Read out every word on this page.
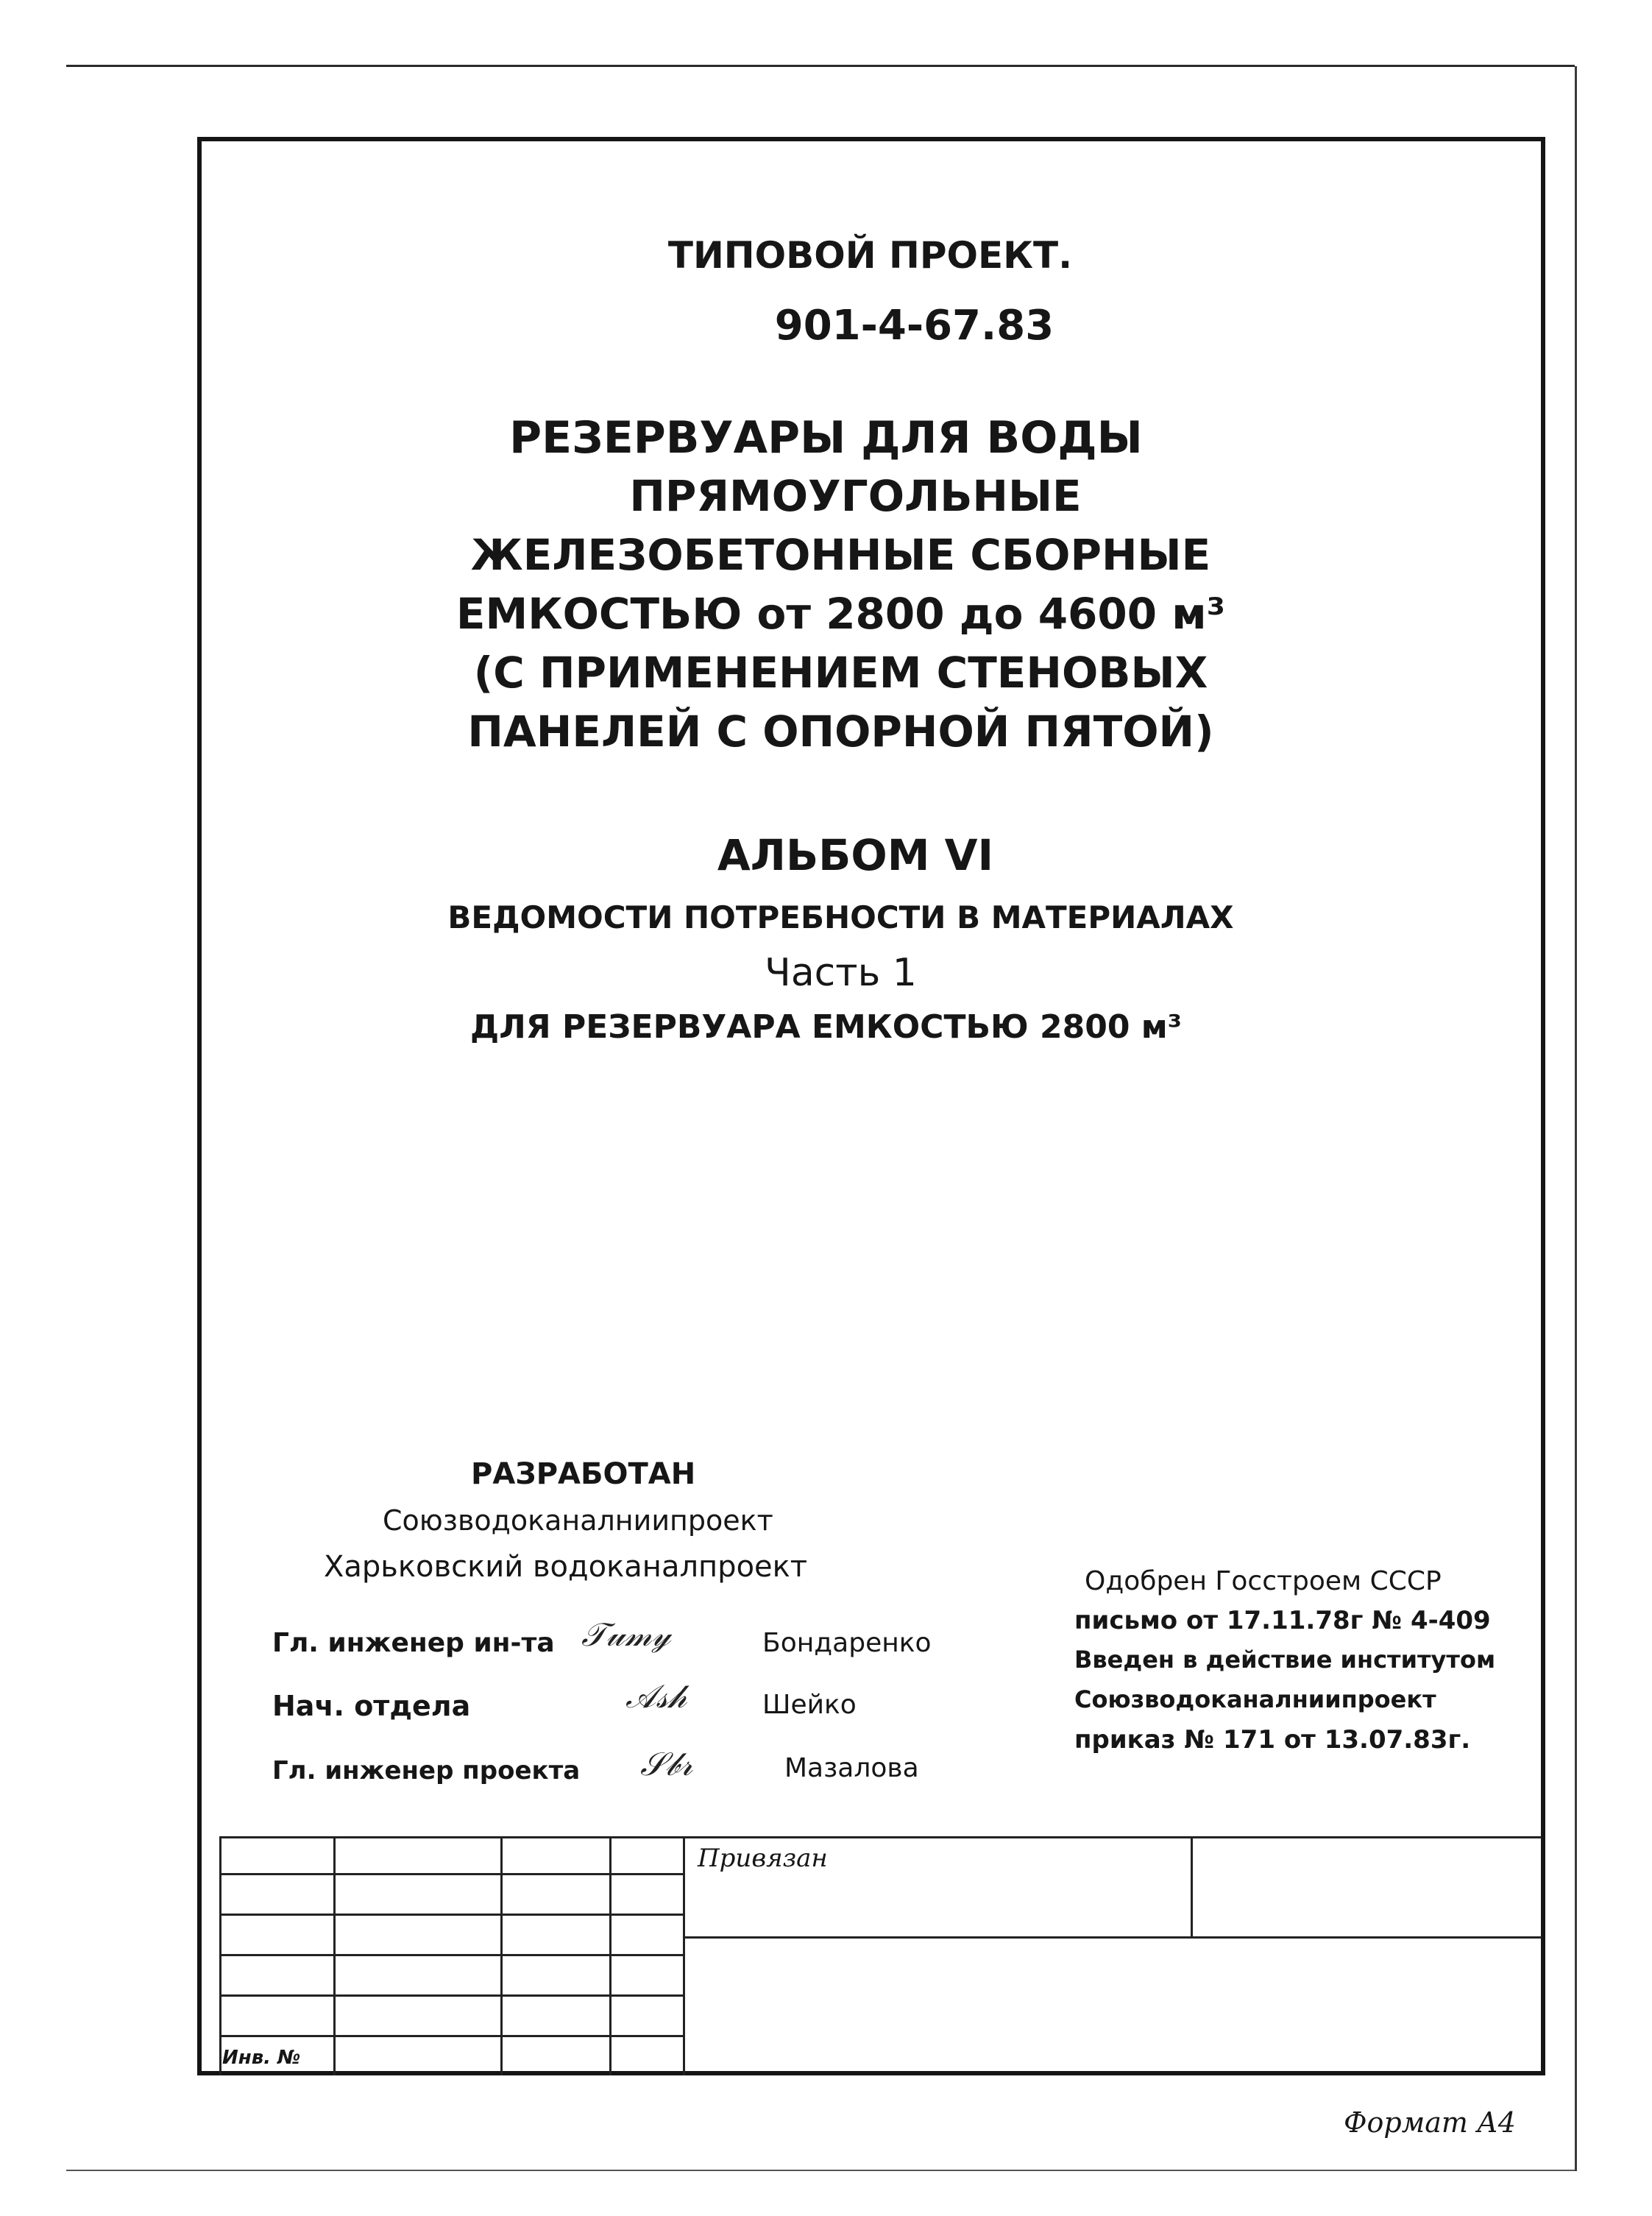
ТИПОВОЙ ПРОЕКТ.
901-4-67.83
РЕЗЕРВУАРЫ ДЛЯ ВОДЫ
ПРЯМОУГОЛЬНЫЕ
ЖЕЛЕЗОБЕТОННЫЕ СБОРНЫЕ
ЕМКОСТЬЮ от 2800 до 4600 м³
(С ПРИМЕНЕНИЕМ СТЕНОВЫХ
ПАНЕЛЕЙ С ОПОРНОЙ ПЯТОЙ)
АЛЬБОМ VI
ВЕДОМОСТИ ПОТРЕБНОСТИ В МАТЕРИАЛАХ
Часть 1
ДЛЯ РЕЗЕРВУАРА ЕМКОСТЬЮ 2800 м³
РАЗРАБОТАН
Союзводоканалниипроект
Харьковский водоканалпроект
Гл. инженер ин-та 𝒯𝓊𝓂𝓎	Бондаренко
Нач. отдела	𝒜𝓈𝒽	Шейко
Гл. инженер проекта 𝒮𝒷𝓇	Мазалова
Одобрен Госстроем СССР
письмо от 17.11.78г № 4-409
Введен в действие институтом
Союзводоканалниипроект
приказ № 171 от 13.07.83г.
Инв. №
Привязан
Формат А4
